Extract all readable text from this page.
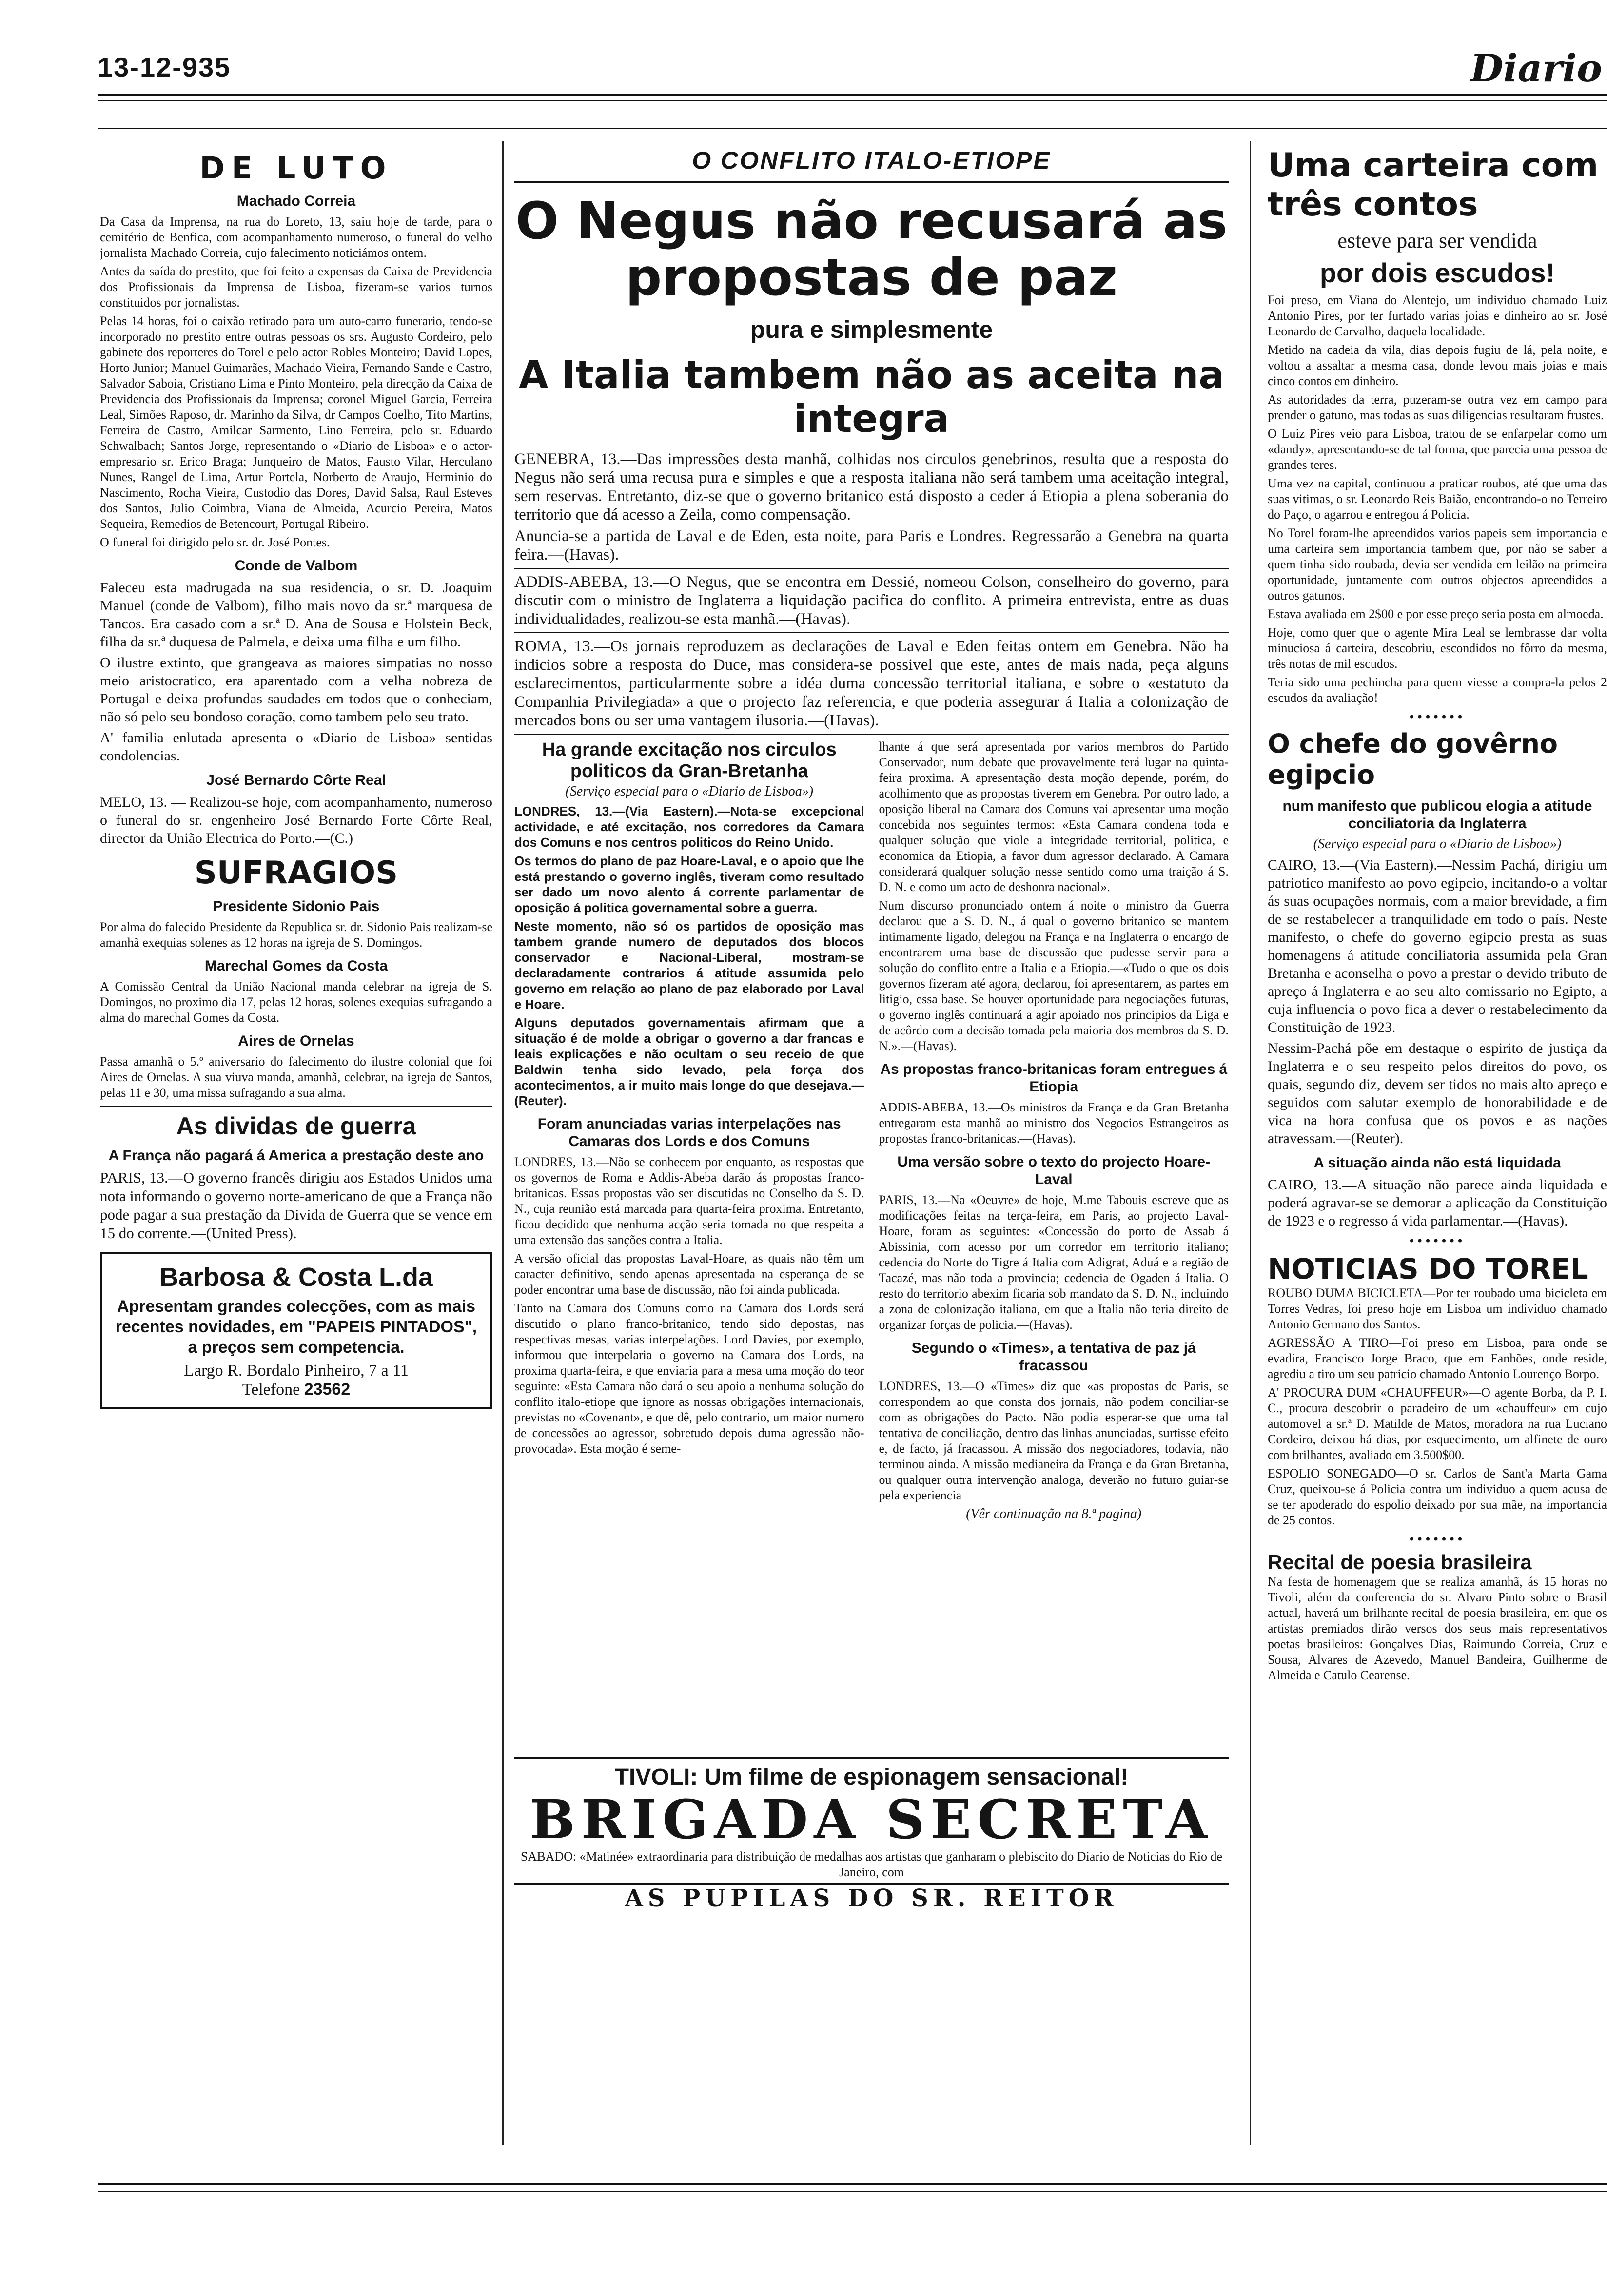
13-12-935	Diario
DE LUTO
Machado Correia

Da Casa da Imprensa, na rua do Loreto, 13, saiu hoje de tarde, para o cemitério de Benfica, com acompanhamento numeroso, o funeral do velho jornalista Machado Correia, cujo falecimento noticiámos ontem.

Antes da saída do prestito, que foi feito a expensas da Caixa de Previdencia dos Profissionais da Imprensa de Lisboa, fizeram-se varios turnos constituidos por jornalistas.

Pelas 14 horas, foi o caixão retirado para um auto-carro funerario, tendo-se incorporado no prestito entre outras pessoas os srs. Augusto Cordeiro, pelo gabinete dos reporteres do Torel e pelo actor Robles Monteiro; David Lopes, Horto Junior; Manuel Guimarães, Machado Vieira, Fernando Sande e Castro, Salvador Saboia, Cristiano Lima e Pinto Monteiro, pela direcção da Caixa de Previdencia dos Profissionais da Imprensa; coronel Miguel Garcia, Ferreira Leal, Simões Raposo, dr. Marinho da Silva, dr Campos Coelho, Tito Martins, Ferreira de Castro, Amilcar Sarmento, Lino Ferreira, pelo sr. Eduardo Schwalbach; Santos Jorge, representando o «Diario de Lisboa» e o actor-empresario sr. Erico Braga; Junqueiro de Matos, Fausto Vilar, Herculano Nunes, Rangel de Lima, Artur Portela, Norberto de Araujo, Herminio do Nascimento, Rocha Vieira, Custodio das Dores, David Salsa, Raul Esteves dos Santos, Julio Coimbra, Viana de Almeida, Acurcio Pereira, Matos Sequeira, Remedios de Betencourt, Portugal Ribeiro.

O funeral foi dirigido pelo sr. dr. José Pontes.

Conde de Valbom

Faleceu esta madrugada na sua residencia, o sr. D. Joaquim Manuel (conde de Valbom), filho mais novo da sr.ª marquesa de Tancos. Era casado com a sr.ª D. Ana de Sousa e Holstein Beck, filha da sr.ª duquesa de Palmela, e deixa uma filha e um filho.

O ilustre extinto, que grangeava as maiores simpatias no nosso meio aristocratico, era aparentado com a velha nobreza de Portugal e deixa profundas saudades em todos que o conheciam, não só pelo seu bondoso coração, como tambem pelo seu trato.

A' familia enlutada apresenta o «Diario de Lisboa» sentidas condolencias.

José Bernardo Côrte Real

MELO, 13. — Realizou-se hoje, com acompanhamento, numeroso o funeral do sr. engenheiro José Bernardo Forte Côrte Real, director da União Electrica do Porto.—(C.)

SUFRAGIOS
Presidente Sidonio Pais

Por alma do falecido Presidente da Republica sr. dr. Sidonio Pais realizam-se amanhã exequias solenes as 12 horas na igreja de S. Domingos.

Marechal Gomes da Costa

A Comissão Central da União Nacional manda celebrar na igreja de S. Domingos, no proximo dia 17, pelas 12 horas, solenes exequias sufragando a alma do marechal Gomes da Costa.

Aires de Ornelas

Passa amanhã o 5.º aniversario do falecimento do ilustre colonial que foi Aires de Ornelas. A sua viuva manda, amanhã, celebrar, na igreja de Santos, pelas 11 e 30, uma missa sufragando a sua alma.

As dividas de guerra
A França não pagará á America a prestação deste ano

PARIS, 13.—O governo francês dirigiu aos Estados Unidos uma nota informando o governo norte-americano de que a França não pode pagar a sua prestação da Divida de Guerra que se vence em 15 do corrente.—(United Press).

Barbosa & Costa L.da
Apresentam grandes colecções, com as mais recentes novidades, em "PAPEIS PINTADOS", a preços sem competencia.
Largo R. Bordalo Pinheiro, 7 a 11
Telefone 23562
O CONFLITO ITALO-ETIOPE
O Negus não recusará as propostas de paz
pura e simplesmente
A Italia tambem não as aceita na integra

GENEBRA, 13.—Das impressões desta manhã, colhidas nos circulos genebrinos, resulta que a resposta do Negus não será uma recusa pura e simples e que a resposta italiana não será tambem uma aceitação integral, sem reservas. Entretanto, diz-se que o governo britanico está disposto a ceder á Etiopia a plena soberania do territorio que dá acesso a Zeila, como compensação.

Anuncia-se a partida de Laval e de Eden, esta noite, para Paris e Londres. Regressarão a Genebra na quarta feira.—(Havas).

ADDIS-ABEBA, 13.—O Negus, que se encontra em Dessié, nomeou Colson, conselheiro do governo, para discutir com o ministro de Inglaterra a liquidação pacifica do conflito. A primeira entrevista, entre as duas individualidades, realizou-se esta manhã.—(Havas).

ROMA, 13.—Os jornais reproduzem as declarações de Laval e Eden feitas ontem em Genebra. Não ha indicios sobre a resposta do Duce, mas considera-se possivel que este, antes de mais nada, peça alguns esclarecimentos, particularmente sobre a idéa duma concessão territorial italiana, e sobre o «estatuto da Companhia Privilegiada» a que o projecto faz referencia, e que poderia assegurar á Italia a colonização de mercados bons ou ser uma vantagem ilusoria.—(Havas).

Ha grande excitação nos circulos politicos da Gran-Bretanha
(Serviço especial para o «Diario de Lisboa»)

LONDRES, 13.—(Via Eastern).—Nota-se excepcional actividade, e até excitação, nos corredores da Camara dos Comuns e nos centros politicos do Reino Unido.

Os termos do plano de paz Hoare-Laval, e o apoio que lhe está prestando o governo inglês, tiveram como resultado ser dado um novo alento á corrente parlamentar de oposição á politica governamental sobre a guerra.

Neste momento, não só os partidos de oposição mas tambem grande numero de deputados dos blocos conservador e Nacional-Liberal, mostram-se declaradamente contrarios á atitude assumida pelo governo em relação ao plano de paz elaborado por Laval e Hoare.

Alguns deputados governamentais afirmam que a situação é de molde a obrigar o governo a dar francas e leais explicações e não ocultam o seu receio de que Baldwin tenha sido levado, pela força dos acontecimentos, a ir muito mais longe do que desejava.—(Reuter).

Foram anunciadas varias interpelações nas Camaras dos Lords e dos Comuns

LONDRES, 13.—Não se conhecem por enquanto, as respostas que os governos de Roma e Addis-Abeba darão ás propostas franco-britanicas. Essas propostas vão ser discutidas no Conselho da S. D. N., cuja reunião está marcada para quarta-feira proxima. Entretanto, ficou decidido que nenhuma acção seria tomada no que respeita a uma extensão das sanções contra a Italia.

A versão oficial das propostas Laval-Hoare, as quais não têm um caracter definitivo, sendo apenas apresentada na esperança de se poder encontrar uma base de discussão, não foi ainda publicada.

Tanto na Camara dos Comuns como na Camara dos Lords será discutido o plano franco-britanico, tendo sido depostas, nas respectivas mesas, varias interpelações. Lord Davies, por exemplo, informou que interpelaria o governo na Camara dos Lords, na proxima quarta-feira, e que enviaria para a mesa uma moção do teor seguinte: «Esta Camara não dará o seu apoio a nenhuma solução do conflito italo-etiope que ignore as nossas obrigações internacionais, previstas no «Covenant», e que dê, pelo contrario, um maior numero de concessões ao agressor, sobretudo depois duma agressão não-provocada». Esta moção é seme-

lhante á que será apresentada por varios membros do Partido Conservador, num debate que provavelmente terá lugar na quinta-feira proxima. A apresentação desta moção depende, porém, do acolhimento que as propostas tiverem em Genebra. Por outro lado, a oposição liberal na Camara dos Comuns vai apresentar uma moção concebida nos seguintes termos: «Esta Camara condena toda e qualquer solução que viole a integridade territorial, politica, e economica da Etiopia, a favor dum agressor declarado. A Camara considerará qualquer solução nesse sentido como uma traição á S. D. N. e como um acto de deshonra nacional».

Num discurso pronunciado ontem á noite o ministro da Guerra declarou que a S. D. N., á qual o governo britanico se mantem intimamente ligado, delegou na França e na Inglaterra o encargo de encontrarem uma base de discussão que pudesse servir para a solução do conflito entre a Italia e a Etiopia.—«Tudo o que os dois governos fizeram até agora, declarou, foi apresentarem, as partes em litigio, essa base. Se houver oportunidade para negociações futuras, o governo inglês continuará a agir apoiado nos principios da Liga e de acôrdo com a decisão tomada pela maioria dos membros da S. D. N.».—(Havas).

As propostas franco-britanicas foram entregues á Etiopia

ADDIS-ABEBA, 13.—Os ministros da França e da Gran Bretanha entregaram esta manhã ao ministro dos Negocios Estrangeiros as propostas franco-britanicas.—(Havas).

Uma versão sobre o texto do projecto Hoare-Laval

PARIS, 13.—Na «Oeuvre» de hoje, M.me Tabouis escreve que as modificações feitas na terça-feira, em Paris, ao projecto Laval-Hoare, foram as seguintes: «Concessão do porto de Assab á Abissinia, com acesso por um corredor em territorio italiano; cedencia do Norte do Tigre á Italia com Adigrat, Aduá e a região de Tacazé, mas não toda a provincia; cedencia de Ogaden á Italia. O resto do territorio abexim ficaria sob mandato da S. D. N., incluindo a zona de colonização italiana, em que a Italia não teria direito de organizar forças de policia.—(Havas).

Segundo o «Times», a tentativa de paz já fracassou

LONDRES, 13.—O «Times» diz que «as propostas de Paris, se correspondem ao que consta dos jornais, não podem conciliar-se com as obrigações do Pacto. Não podia esperar-se que uma tal tentativa de conciliação, dentro das linhas anunciadas, surtisse efeito e, de facto, já fracassou. A missão dos negociadores, todavia, não terminou ainda. A missão medianeira da França e da Gran Bretanha, ou qualquer outra intervenção analoga, deverão no futuro guiar-se pela experiencia

(Vêr continuação na 8.ª pagina)
TIVOLI: Um filme de espionagem sensacional!
BRIGADA SECRETA
SABADO: «Matinée» extraordinaria para distribuição de medalhas aos artistas que ganharam o plebiscito do Diario de Noticias do Rio de Janeiro, com
AS PUPILAS DO SR. REITOR
Uma carteira com três contos
esteve para ser vendida
por dois escudos!

Foi preso, em Viana do Alentejo, um individuo chamado Luiz Antonio Pires, por ter furtado varias joias e dinheiro ao sr. José Leonardo de Carvalho, daquela localidade.

Metido na cadeia da vila, dias depois fugiu de lá, pela noite, e voltou a assaltar a mesma casa, donde levou mais joias e mais cinco contos em dinheiro.

As autoridades da terra, puzeram-se outra vez em campo para prender o gatuno, mas todas as suas diligencias resultaram frustes.

O Luiz Pires veio para Lisboa, tratou de se enfarpelar como um «dandy», apresentando-se de tal forma, que parecia uma pessoa de grandes teres.

Uma vez na capital, continuou a praticar roubos, até que uma das suas vitimas, o sr. Leonardo Reis Baião, encontrando-o no Terreiro do Paço, o agarrou e entregou á Policia.

No Torel foram-lhe apreendidos varios papeis sem importancia e uma carteira sem importancia tambem que, por não se saber a quem tinha sido roubada, devia ser vendida em leilão na primeira oportunidade, juntamente com outros objectos apreendidos a outros gatunos.

Estava avaliada em 2$00 e por esse preço seria posta em almoeda.

Hoje, como quer que o agente Mira Leal se lembrasse dar volta minuciosa á carteira, descobriu, escondidos no fôrro da mesma, três notas de mil escudos.

Teria sido uma pechincha para quem viesse a compra-la pelos 2 escudos da avaliação!

•••••••
O chefe do govêrno egipcio
num manifesto que publicou elogia a atitude conciliatoria da Inglaterra
(Serviço especial para o «Diario de Lisboa»)

CAIRO, 13.—(Via Eastern).—Nessim Pachá, dirigiu um patriotico manifesto ao povo egipcio, incitando-o a voltar ás suas ocupações normais, com a maior brevidade, a fim de se restabelecer a tranquilidade em todo o país. Neste manifesto, o chefe do governo egipcio presta as suas homenagens á atitude conciliatoria assumida pela Gran Bretanha e aconselha o povo a prestar o devido tributo de apreço á Inglaterra e ao seu alto comissario no Egipto, a cuja influencia o povo fica a dever o restabelecimento da Constituição de 1923.

Nessim-Pachá põe em destaque o espirito de justiça da Inglaterra e o seu respeito pelos direitos do povo, os quais, segundo diz, devem ser tidos no mais alto apreço e seguidos com salutar exemplo de honorabilidade e de vica na hora confusa que os povos e as nações atravessam.—(Reuter).

A situação ainda não está liquidada

CAIRO, 13.—A situação não parece ainda liquidada e poderá agravar-se se demorar a aplicação da Constituição de 1923 e o regresso á vida parlamentar.—(Havas).

•••••••
NOTICIAS DO TOREL

ROUBO DUMA BICICLETA—Por ter roubado uma bicicleta em Torres Vedras, foi preso hoje em Lisboa um individuo chamado Antonio Germano dos Santos.

AGRESSÃO A TIRO—Foi preso em Lisboa, para onde se evadira, Francisco Jorge Braco, que em Fanhões, onde reside, agrediu a tiro um seu patricio chamado Antonio Lourenço Borpo.

A' PROCURA DUM «CHAUFFEUR»—O agente Borba, da P. I. C., procura descobrir o paradeiro de um «chauffeur» em cujo automovel a sr.ª D. Matilde de Matos, moradora na rua Luciano Cordeiro, deixou há dias, por esquecimento, um alfinete de ouro com brilhantes, avaliado em 3.500$00.

ESPOLIO SONEGADO—O sr. Carlos de Sant'a Marta Gama Cruz, queixou-se á Policia contra um individuo a quem acusa de se ter apoderado do espolio deixado por sua mãe, na importancia de 25 contos.

•••••••
Recital de poesia brasileira

Na festa de homenagem que se realiza amanhã, ás 15 horas no Tivoli, além da conferencia do sr. Alvaro Pinto sobre o Brasil actual, haverá um brilhante recital de poesia brasileira, em que os artistas premiados dirão versos dos seus mais representativos poetas brasileiros: Gonçalves Dias, Raimundo Correia, Cruz e Sousa, Alvares de Azevedo, Manuel Bandeira, Guilherme de Almeida e Catulo Cearense.
